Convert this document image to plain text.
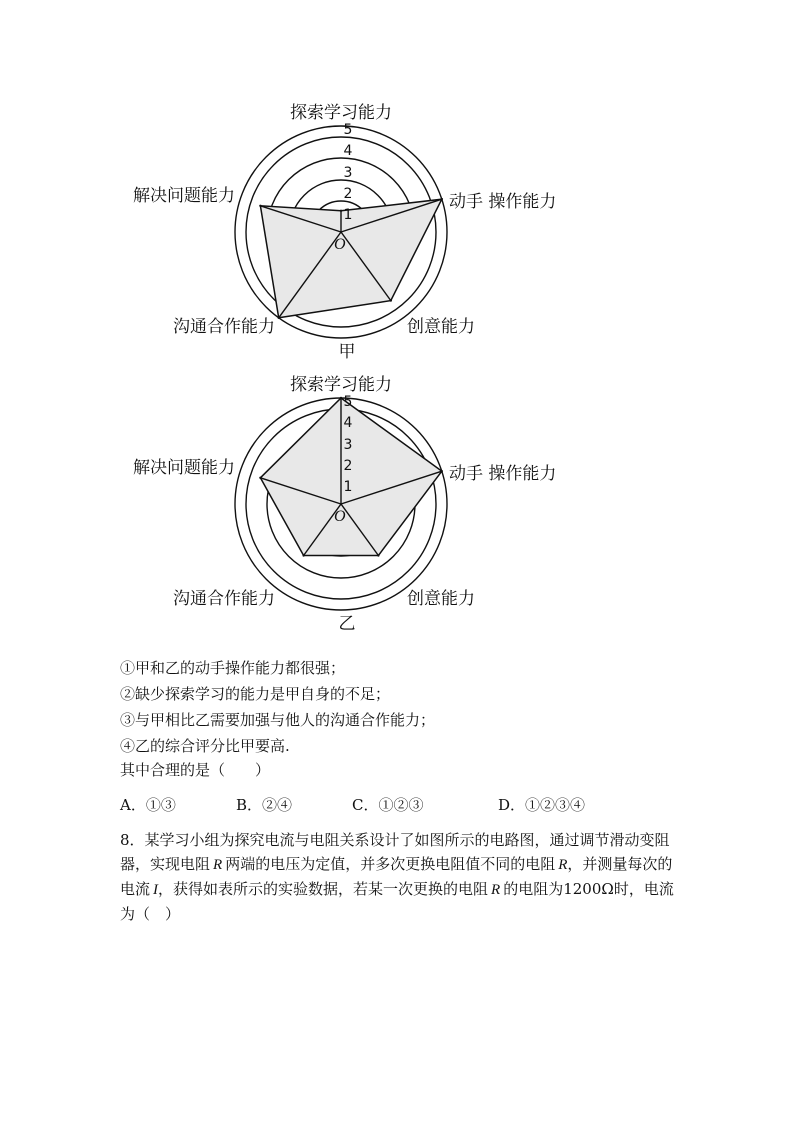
1
2
3
4
5
探索学习能力
动手 操作能力
创意能力
沟通合作能力
解决问题能力
O
甲
1
2
3
4
5
探索学习能力
动手 操作能力
创意能力
沟通合作能力
解决问题能力
O
乙
①甲和乙的动手操作能力都很强；
②缺少探索学习的能力是甲自身的不足；
③与甲相比乙需要加强与他人的沟通合作能力；
④乙的综合评分比甲要高.
其中合理的是（　　）
A．①③	B．②④	C．①②③	D．①②③④
8．某学习小组为探究电流与电阻关系设计了如图所示的电路图，通过调节滑动变阻器，实现电阻  R  两端的电压为定值，并多次更换电阻值不同的电阻  R，并测量每次的电流  I，获得如表所示的实验数据，若某一次更换的电阻  R  的电阻为1200Ω时，电流为（　）
